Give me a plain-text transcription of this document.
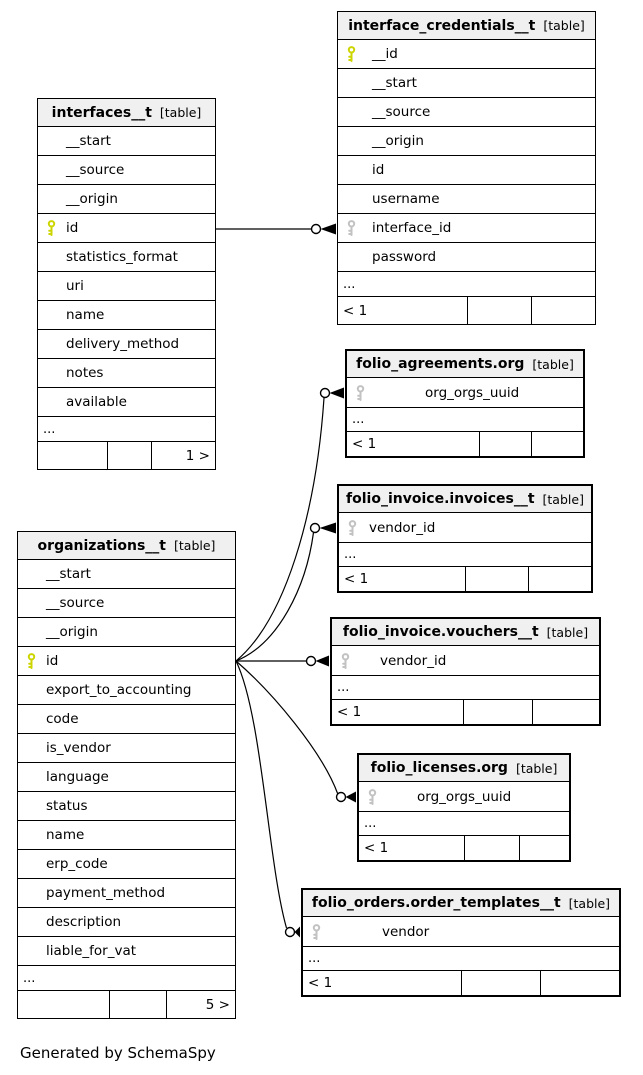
interfaces__t [table]
__start
__source
__origin
id
statistics_format
uri
name
delivery_method
notes
available
...
1 >
interface_credentials__t [table]
__id
__start
__source
__origin
id
username
interface_id
password
...
< 1
folio_agreements.org [table]
org_orgs_uuid
...
< 1
folio_invoice.invoices__t [table]
vendor_id
...
< 1
folio_invoice.vouchers__t [table]
vendor_id
...
< 1
folio_licenses.org [table]
org_orgs_uuid
...
< 1
folio_orders.order_templates__t [table]
vendor
...
< 1
organizations__t [table]
__start
__source
__origin
id
export_to_accounting
code
is_vendor
language
status
name
erp_code
payment_method
description
liable_for_vat
...
5 >
Generated by SchemaSpy
